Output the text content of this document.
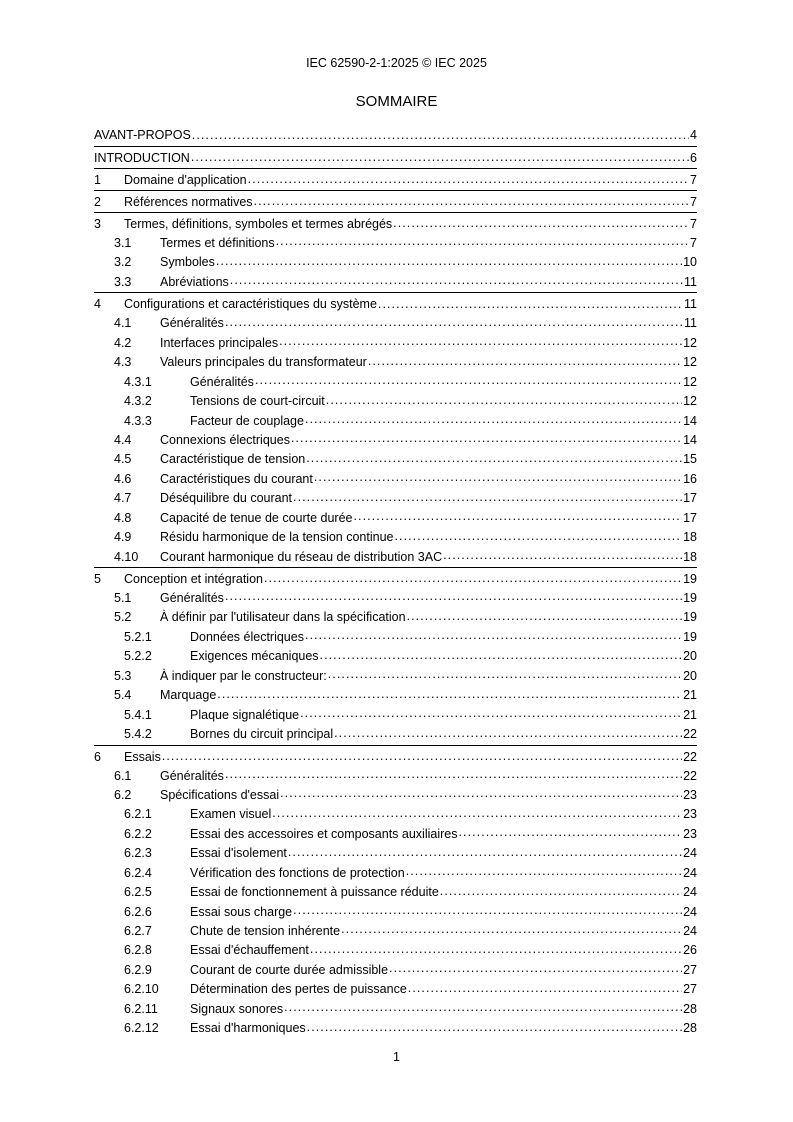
IEC 62590-2-1:2025 © IEC 2025
SOMMAIRE
AVANT-PROPOS . . .	4
INTRODUCTION . . .	6
1	Domaine d'application . . .	7
2	Références normatives . . .	7
3	Termes, définitions, symboles et termes abrégés . . .	7
3.1	Termes et définitions . . .	7
3.2	Symboles . . .	10
3.3	Abréviations . . .	11
4	Configurations et caractéristiques du système . . .	11
4.1	Généralités . . .	11
4.2	Interfaces principales . . .	12
4.3	Valeurs principales du transformateur . . .	12
4.3.1	Généralités . . .	12
4.3.2	Tensions de court-circuit . . .	12
4.3.3	Facteur de couplage . . .	14
4.4	Connexions électriques . . .	14
4.5	Caractéristique de tension . . .	15
4.6	Caractéristiques du courant . . .	16
4.7	Déséquilibre du courant . . .	17
4.8	Capacité de tenue de courte durée . . .	17
4.9	Résidu harmonique de la tension continue . . .	18
4.10	Courant harmonique du réseau de distribution 3AC . . .	18
5	Conception et intégration . . .	19
5.1	Généralités . . .	19
5.2	À définir par l'utilisateur dans la spécification . . .	19
5.2.1	Données électriques . . .	19
5.2.2	Exigences mécaniques . . .	20
5.3	À indiquer par le constructeur: . . .	20
5.4	Marquage . . .	21
5.4.1	Plaque signalétique . . .	21
5.4.2	Bornes du circuit principal . . .	22
6	Essais . . .	22
6.1	Généralités . . .	22
6.2	Spécifications d'essai . . .	23
6.2.1	Examen visuel . . .	23
6.2.2	Essai des accessoires et composants auxiliaires . . .	23
6.2.3	Essai d'isolement . . .	24
6.2.4	Vérification des fonctions de protection . . .	24
6.2.5	Essai de fonctionnement à puissance réduite . . .	24
6.2.6	Essai sous charge . . .	24
6.2.7	Chute de tension inhérente . . .	24
6.2.8	Essai d'échauffement . . .	26
6.2.9	Courant de courte durée admissible . . .	27
6.2.10	Détermination des pertes de puissance . . .	27
6.2.11	Signaux sonores . . .	28
6.2.12	Essai d'harmoniques . . .	28
1
